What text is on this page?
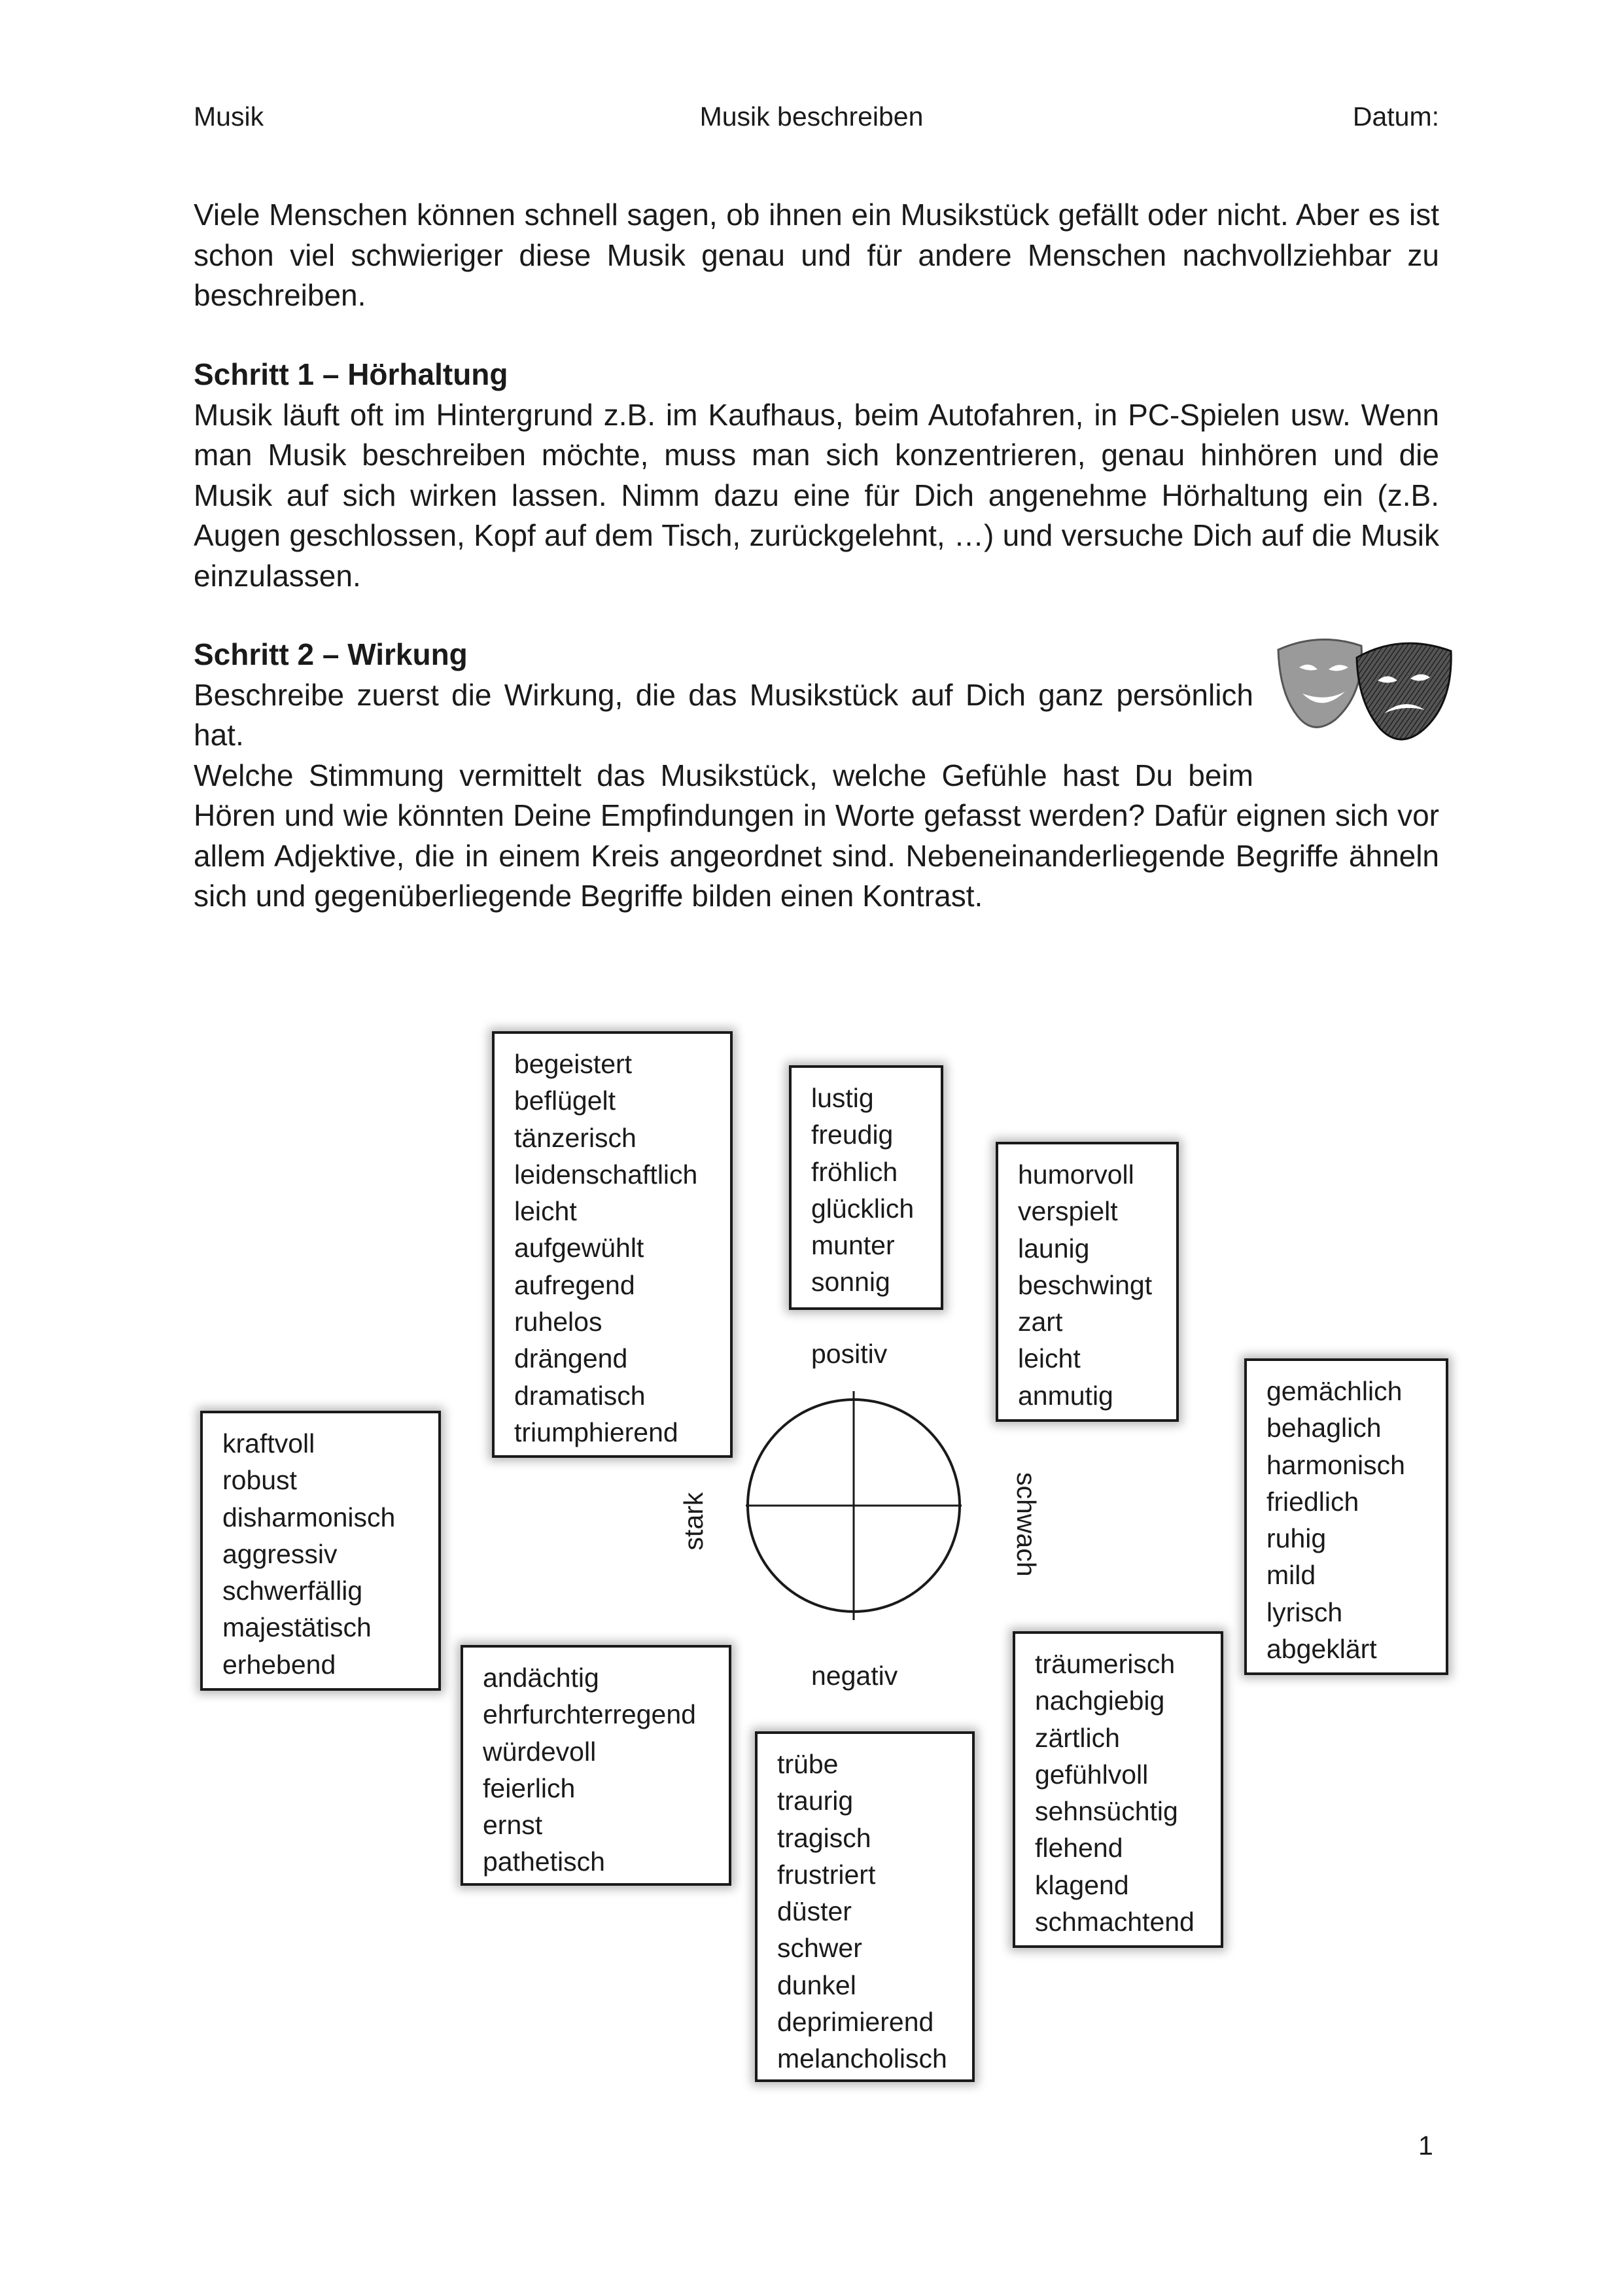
Musik	Musik beschreiben	Datum:

Viele Menschen können schnell sagen, ob ihnen ein Musikstück gefällt oder nicht. Aber es ist schon viel schwieriger diese Musik genau und für andere Menschen nachvollziehbar zu beschreiben.

Schritt 1 – Hörhaltung

Musik läuft oft im Hintergrund z.B. im Kaufhaus, beim Autofahren, in PC-Spielen usw. Wenn man Musik beschreiben möchte, muss man sich konzentrieren, genau hinhören und die Musik auf sich wirken lassen. Nimm dazu eine für Dich angenehme Hörhaltung ein (z.B. Augen geschlossen, Kopf auf dem Tisch, zurückgelehnt, …) und versuche Dich auf die Musik einzulassen.

Schritt 2 – Wirkung

Beschreibe zuerst die Wirkung, die das Musikstück auf Dich ganz persönlich hat.

Welche Stimmung vermittelt das Musikstück, welche Gefühle hast Du beim

Hören und wie könnten Deine Empfindungen in Worte gefasst werden? Dafür eignen sich vor allem Adjektive, die in einem Kreis angeordnet sind. Nebeneinanderliegende Begriffe ähneln sich und gegenüberliegende Begriffe bilden einen Kontrast.

begeistert
beflügelt
tänzerisch
leidenschaftlich
leicht
aufgewühlt
aufregend
ruhelos
drängend
dramatisch
triumphierend
lustig
freudig
fröhlich
glücklich
munter
sonnig
humorvoll
verspielt
launig
beschwingt
zart
leicht
anmutig	gemächlich
behaglich
harmonisch
friedlich
ruhig
mild
lyrisch
abgeklärt
träumerisch
nachgiebig
zärtlich
gefühlvoll
sehnsüchtig
flehend
klagend
schmachtend
trübe
traurig
tragisch
frustriert
düster
schwer
dunkel
deprimierend
melancholisch
andächtig
ehrfurchterregend
würdevoll
feierlich
ernst
pathetisch
kraftvoll
robust
disharmonisch
aggressiv
schwerfällig
majestätisch
erhebend
positiv
negativ
stark	schwach
1
